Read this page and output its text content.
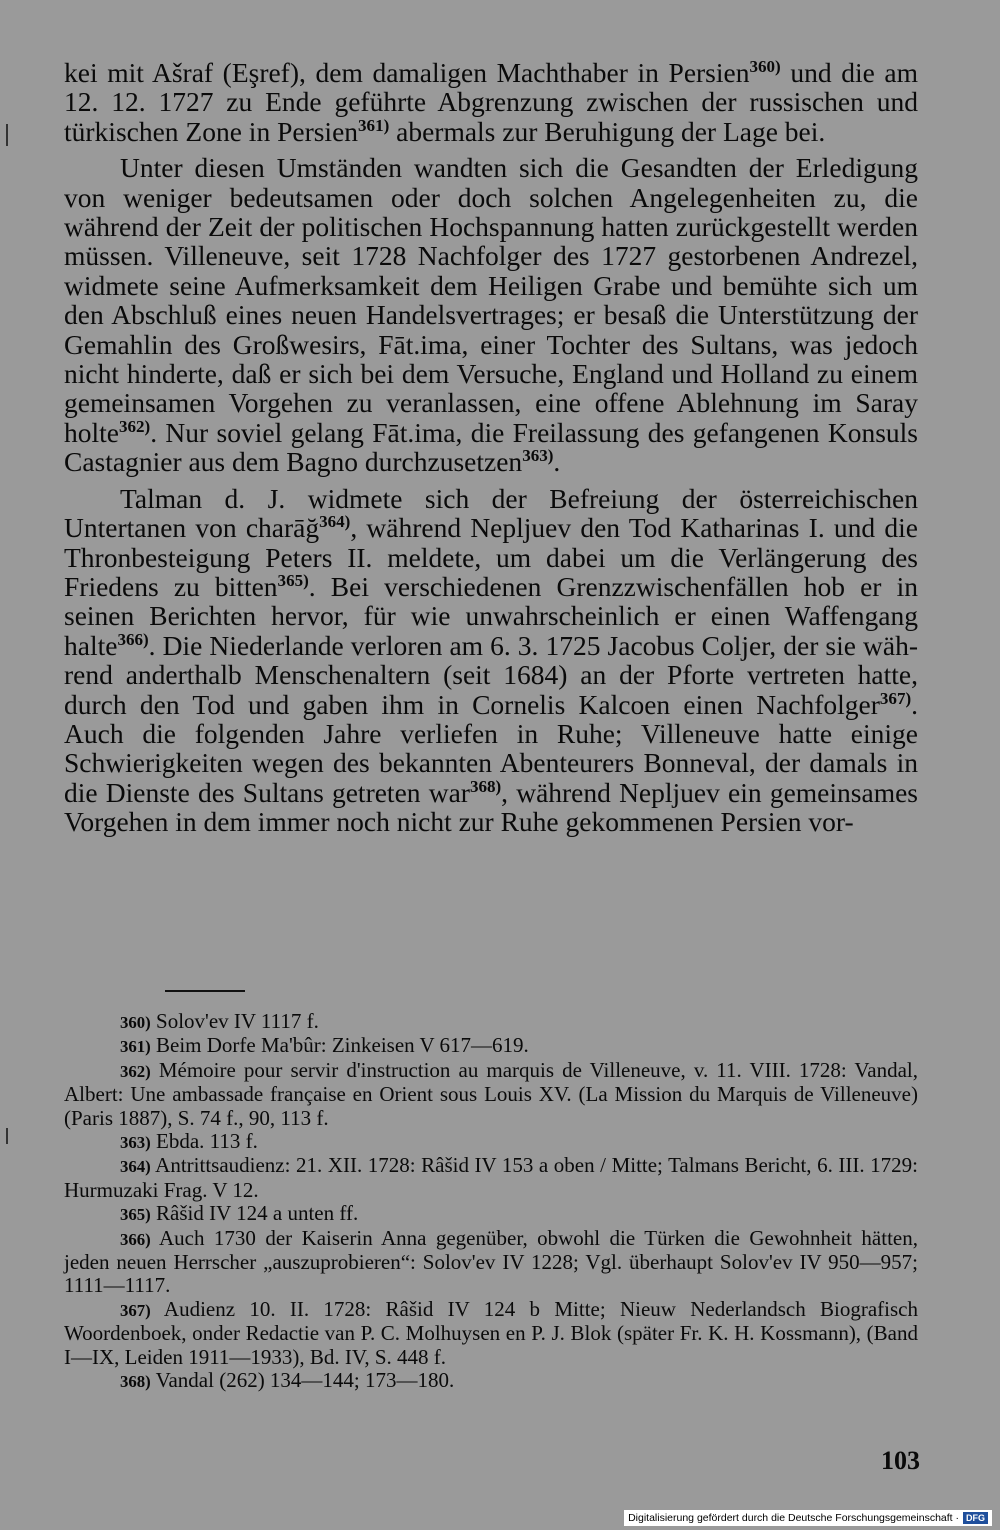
kei mit Ašraf (Eşref), dem damaligen Machthaber in Persien$^{360)}$ und die am 12. 12. 1727 zu Ende geführte Abgrenzung zwischen der russischen und türkischen Zone in Persien$^{361)}$ abermals zur Beruhigung der Lage bei.

Unter diesen Umständen wandten sich die Gesandten der Erledigung von weniger bedeutsamen oder doch solchen Angelegenheiten zu, die während der Zeit der politischen Hochspannung hatten zurückgestellt werden müssen. Villeneuve, seit 1728 Nachfolger des 1727 gestorbenen Andrezel, widmete seine Aufmerksamkeit dem Heiligen Grabe und bemühte sich um den Abschluß eines neuen Handelsvertrages; er besaß die Unterstützung der Gemahlin des Großwesirs, Fāt.ima, einer Tochter des Sultans, was jedoch nicht hinderte, daß er sich bei dem Versuche, England und Holland zu einem gemeinsamen Vorgehen zu veranlassen, eine offene Ablehnung im Saray holte$^{362)}$. Nur soviel gelang Fāt.ima, die Freilassung des gefangenen Konsuls Castagnier aus dem Bagno durchzusetzen$^{363)}$.

Talman d. J. widmete sich der Befreiung der österreichischen Untertanen von charāğ$^{364)}$, während Nepljuev den Tod Katharinas I. und die Thronbesteigung Peters II. meldete, um dabei um die Verlängerung des Friedens zu bitten$^{365)}$. Bei verschiedenen Grenzzwischenfällen hob er in seinen Berichten hervor, für wie unwahrscheinlich er einen Waffengang halte$^{366)}$. Die Niederlande verloren am 6. 3. 1725 Jacobus Coljer, der sie während anderthalb Menschenaltern (seit 1684) an der Pforte vertreten hatte, durch den Tod und gaben ihm in Cornelis Kalcoen einen Nachfolger$^{367)}$. Auch die folgenden Jahre verliefen in Ruhe; Villeneuve hatte einige Schwierigkeiten wegen des bekannten Abenteurers Bonneval, der damals in die Dienste des Sultans getreten war$^{368)}$, während Nepljuev ein gemeinsames Vorgehen in dem immer noch nicht zur Ruhe gekommenen Persien vor-

360) Solov'ev IV 1117 f.

361) Beim Dorfe Ma'bûr: Zinkeisen V 617—619.

362) Mémoire pour servir d'instruction au marquis de Villeneuve, v. 11. VIII. 1728: Vandal, Albert: Une ambassade française en Orient sous Louis XV. (La Mission du Marquis de Villeneuve) (Paris 1887), S. 74 f., 90, 113 f.

363) Ebda. 113 f.

364) Antrittsaudienz: 21. XII. 1728: Râšid IV 153 a oben / Mitte; Talmans Bericht, 6. III. 1729: Hurmuzaki Frag. V 12.

365) Râšid IV 124 a unten ff.

366) Auch 1730 der Kaiserin Anna gegenüber, obwohl die Türken die Gewohnheit hätten, jeden neuen Herrscher „auszuprobieren“: Solov'ev IV 1228; Vgl. überhaupt Solov'ev IV 950—957; 1111—1117.

367) Audienz 10. II. 1728: Râšid IV 124 b Mitte; Nieuw Nederlandsch Biografisch Woordenboek, onder Redactie van P. C. Molhuysen en P. J. Blok (später Fr. K. H. Kossmann), (Band I—IX, Leiden 1911—1933), Bd. IV, S. 448 f.

368) Vandal (262) 134—144; 173—180.

103
Digitalisierung gefördert durch die Deutsche Forschungsgemeinschaft · DFG
